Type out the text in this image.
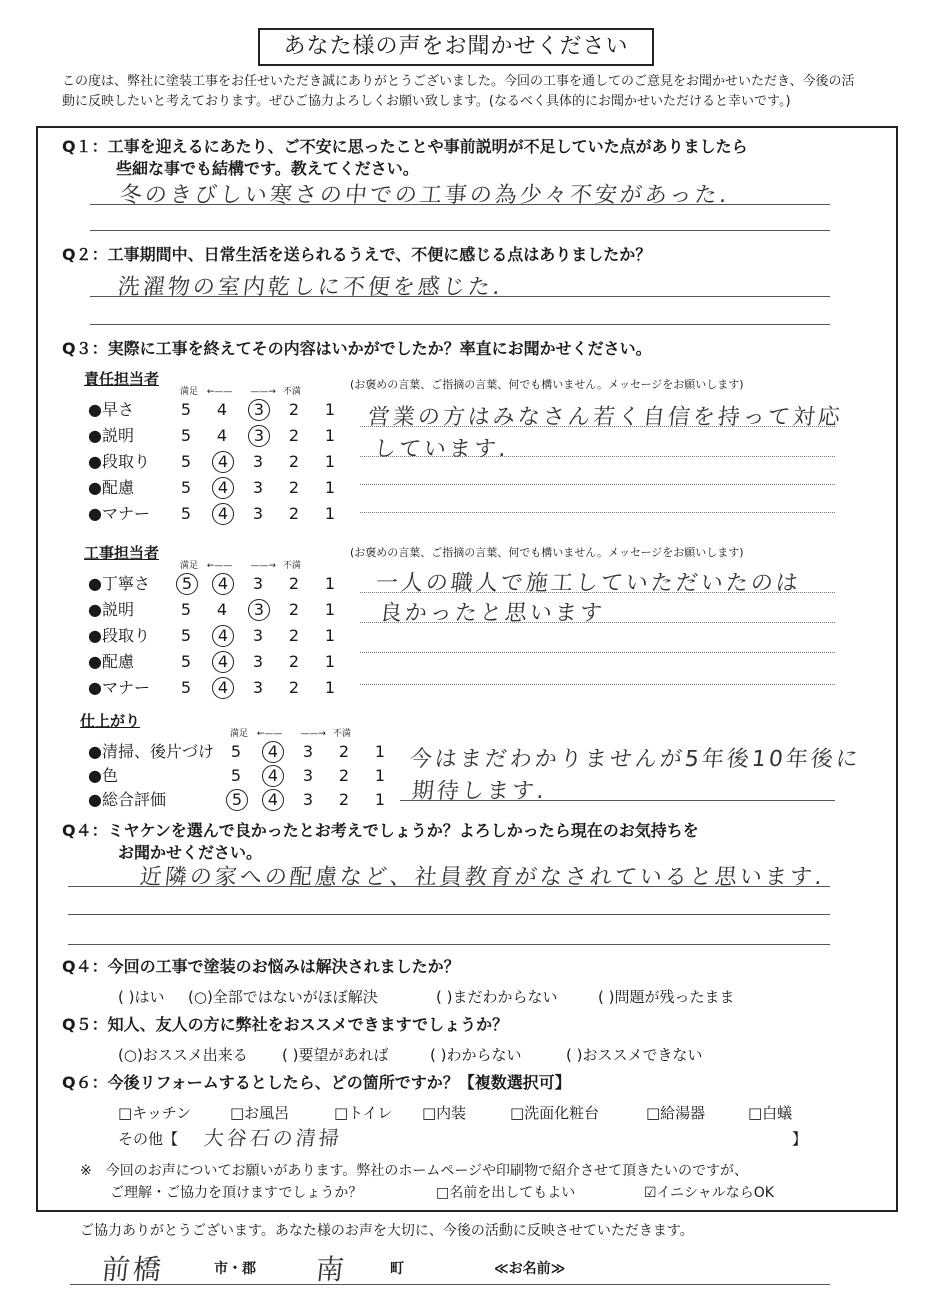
あなた様の声をお聞かせください
この度は、弊社に塗装工事をお任せいただき誠にありがとうございました。今回の工事を通してのご意見をお聞かせいただき、今後の活
動に反映したいと考えております。ぜひご協力よろしくお願い致します。(なるべく具体的にお聞かせいただけると幸いです。)
Q１：工事を迎えるにあたり、ご不安に思ったことや事前説明が不足していた点がありましたら
些細な事でも結構です。教えてください。
冬のきびしい寒さの中での工事の為少々不安があった.
Q２：工事期間中、日常生活を送られるうえで、不便に感じる点はありましたか？
洗濯物の室内乾しに不便を感じた.
Q３：実際に工事を終えてその内容はいかがでしたか？率直にお聞かせください。
責任担当者
満足 ←——　　——→ 不満
●早さ	5	4	3	2	1
●説明	5	4	3	2	1
●段取り	5	4	3	2	1
●配慮	5	4	3	2	1
●マナー	5	4	3	2	1
(お褒めの言葉、ご指摘の言葉、何でも構いません。メッセージをお願いします)
営業の方はみなさん若く自信を持って対応
しています.
工事担当者
満足 ←——　　——→ 不満
●丁寧さ	5	4	3	2	1
●説明	5	4	3	2	1
●段取り	5	4	3	2	1
●配慮	5	4	3	2	1
●マナー	5	4	3	2	1
(お褒めの言葉、ご指摘の言葉、何でも構いません。メッセージをお願いします)
一人の職人で施工していただいたのは
良かったと思います
仕上がり
満足 ←——　　——→ 不満
●清掃、後片づけ	5	4	3	2	1
●色	5	4	3	2	1
●総合評価	5	4	3	2	1
今はまだわかりませんが5年後10年後に
期待します.
Q４：ミヤケンを選んで良かったとお考えでしょうか？よろしかったら現在のお気持ちを
お聞かせください。
近隣の家への配慮など、社員教育がなされていると思います.
Q４：今回の工事で塗装のお悩みは解決されましたか？
( )はい (○)全部ではないがほぼ解決	( )まだわからない	( )問題が残ったまま
Q５：知人、友人の方に弊社をおススメできますでしょうか？
(○)おススメ出来る ( )要望があれば	( )わからない	( )おススメできない
Q６：今後リフォームするとしたら、どの箇所ですか？【複数選択可】
□キッチン	□お風呂	□トイレ □内装	□洗面化粧台	□給湯器	□白蟻
その他【 大谷石の清掃	】
※　今回のお声についてお願いがあります。弊社のホームページや印刷物で紹介させて頂きたいのですが、
ご理解・ご協力を頂けますでしょうか？	□名前を出してもよい	☑イニシャルならOK
ご協力ありがとうございます。あなた様のお声を大切に、今後の活動に反映させていただきます。
前橋	市・郡 南	町	≪お名前≫
